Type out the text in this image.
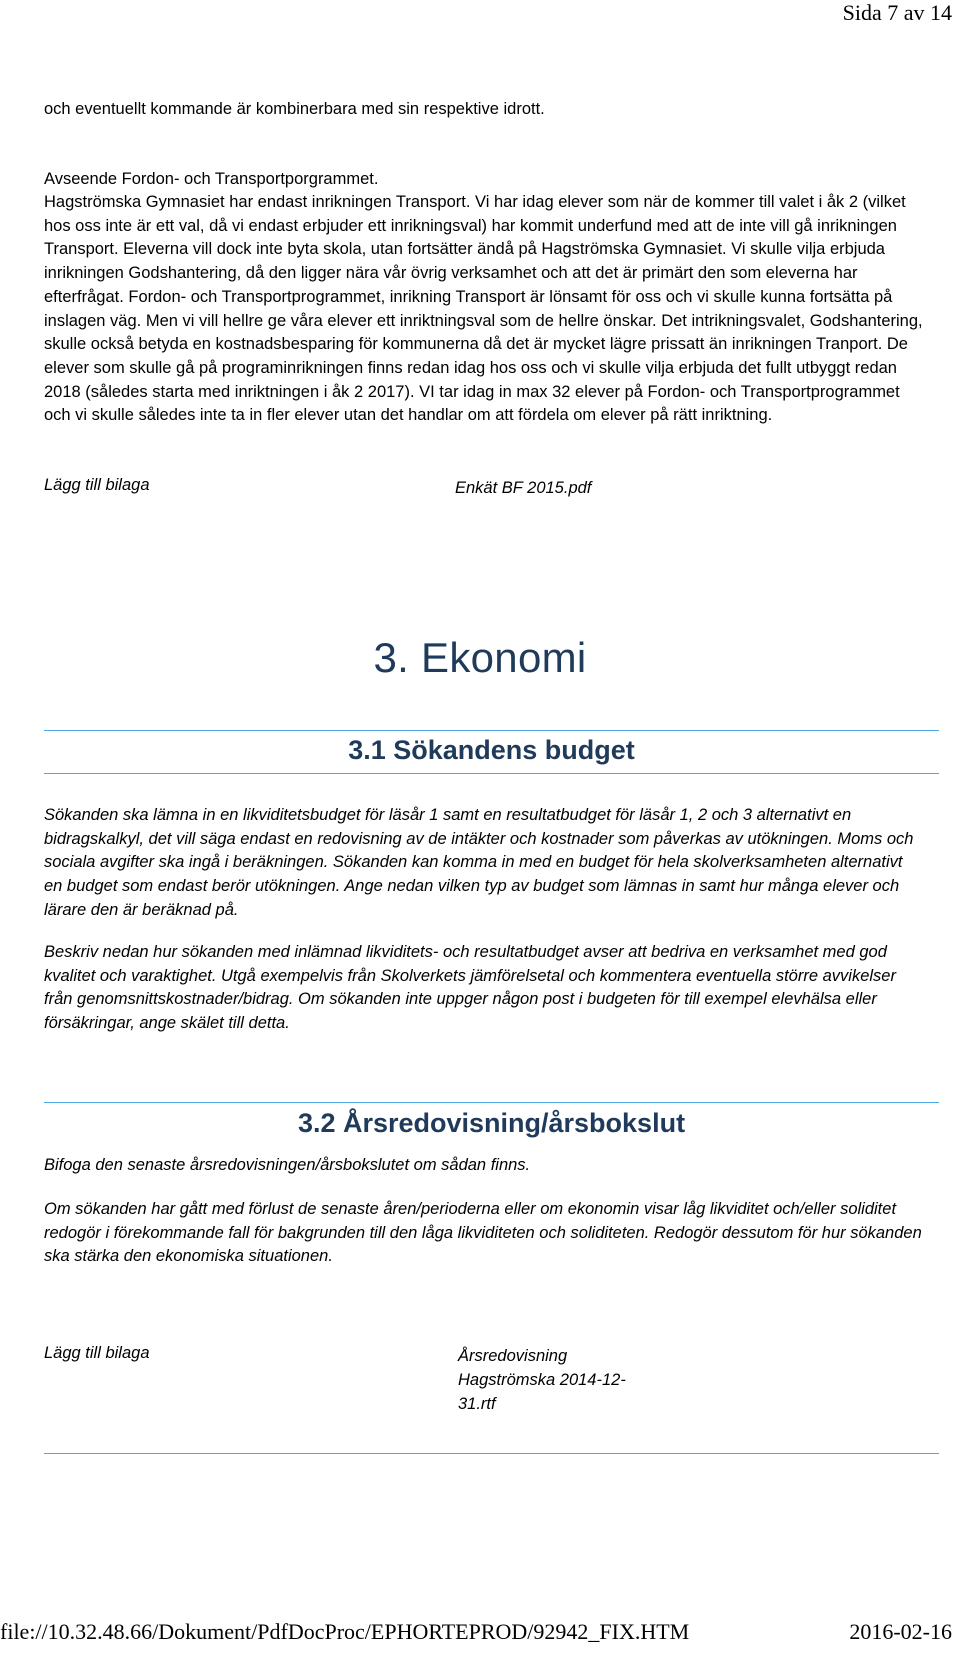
Sida 7 av 14
och eventuellt kommande är kombinerbara med sin respektive idrott.
Avseende Fordon- och Transportporgrammet.
Hagströmska Gymnasiet har endast inrikningen Transport. Vi har idag elever som när de kommer till valet i åk 2 (vilket hos oss inte är ett val, då vi endast erbjuder ett inrikningsval) har kommit underfund med att de inte vill gå inrikningen Transport. Eleverna vill dock inte byta skola, utan fortsätter ändå på Hagströmska Gymnasiet. Vi skulle vilja erbjuda inrikningen Godshantering, då den ligger nära vår övrig verksamhet och att det är primärt den som eleverna har efterfrågat. Fordon- och Transportprogrammet, inrikning Transport är lönsamt för oss och vi skulle kunna fortsätta på inslagen väg. Men vi vill hellre ge våra elever ett inriktningsval som de hellre önskar. Det intrikningsvalet, Godshantering, skulle också betyda en kostnadsbesparing för kommunerna då det är mycket lägre prissatt än inrikningen Tranport. De elever som skulle gå på programinrikningen finns redan idag hos oss och vi skulle vilja erbjuda det fullt utbyggt redan 2018 (således starta med inriktningen i åk 2 2017). VI tar idag in max 32 elever på Fordon- och Transportprogrammet och vi skulle således inte ta in fler elever utan det handlar om att fördela om elever på rätt inriktning.
Lägg till bilaga	Enkät BF 2015.pdf
3. Ekonomi
3.1 Sökandens budget
Sökanden ska lämna in en likviditetsbudget för läsår 1 samt en resultatbudget för läsår 1, 2 och 3 alternativt en bidragskalkyl, det vill säga endast en redovisning av de intäkter och kostnader som påverkas av utökningen. Moms och sociala avgifter ska ingå i beräkningen. Sökanden kan komma in med en budget för hela skolverksamheten alternativt en budget som endast berör utökningen. Ange nedan vilken typ av budget som lämnas in samt hur många elever och lärare den är beräknad på.
Beskriv nedan hur sökanden med inlämnad likviditets- och resultatbudget avser att bedriva en verksamhet med god kvalitet och varaktighet. Utgå exempelvis från Skolverkets jämförelsetal och kommentera eventuella större avvikelser från genomsnittskostnader/bidrag. Om sökanden inte uppger någon post i budgeten för till exempel elevhälsa eller försäkringar, ange skälet till detta.
3.2 Årsredovisning/årsbokslut
Bifoga den senaste årsredovisningen/årsbokslutet om sådan finns.
Om sökanden har gått med förlust de senaste åren/perioderna eller om ekonomin visar låg likviditet och/eller soliditet redogör i förekommande fall för bakgrunden till den låga likviditeten och soliditeten. Redogör dessutom för hur sökanden ska stärka den ekonomiska situationen.
Lägg till bilaga	Årsredovisning
Hagströmska 2014-12-
31.rtf
file://10.32.48.66/Dokument/PdfDocProc/EPHORTEPROD/92942_FIX.HTM	2016-02-16
